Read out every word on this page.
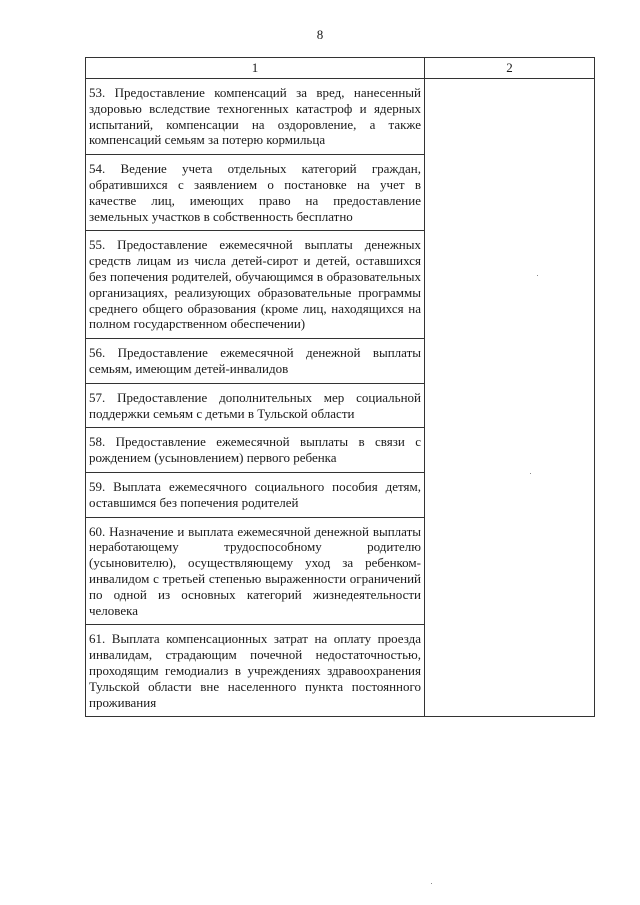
8
1	2

53. Предоставление компенсаций за вред, нанесенный здоровью вследствие техногенных катастроф и ядерных испытаний, компенсации на оздоровление, а также компенсаций семьям за потерю кормильца	

54. Ведение учета отдельных категорий граждан, обратившихся с заявлением о постановке на учет в качестве лиц, имеющих право на предоставление земельных участков в собственность бесплатно	

55. Предоставление ежемесячной выплаты денежных средств лицам из числа детей-сирот и детей, оставшихся без попечения родителей, обучающимся в образовательных организациях, реализующих образовательные программы среднего общего образования (кроме лиц, находящихся на полном государственном обеспечении)	

56. Предоставление ежемесячной денежной выплаты семьям, имеющим детей-инвалидов	

57. Предоставление дополнительных мер социальной поддержки семьям с детьми в Тульской области	

58. Предоставление ежемесячной выплаты в связи с рождением (усыновлением) первого ребенка	

59. Выплата ежемесячного социального пособия детям, оставшимся без попечения родителей	

60. Назначение и выплата ежемесячной денежной выплаты неработающему трудоспособному родителю (усыновителю), осуществляющему уход за ребенком-инвалидом с третьей степенью выраженности ограничений по одной из основных категорий жизнедеятельности человека	

61. Выплата компенсационных затрат на оплату проезда инвалидам, страдающим почечной недостаточностью, проходящим гемодиализ в учреждениях здравоохранения Тульской области вне населенного пункта постоянного проживания	
